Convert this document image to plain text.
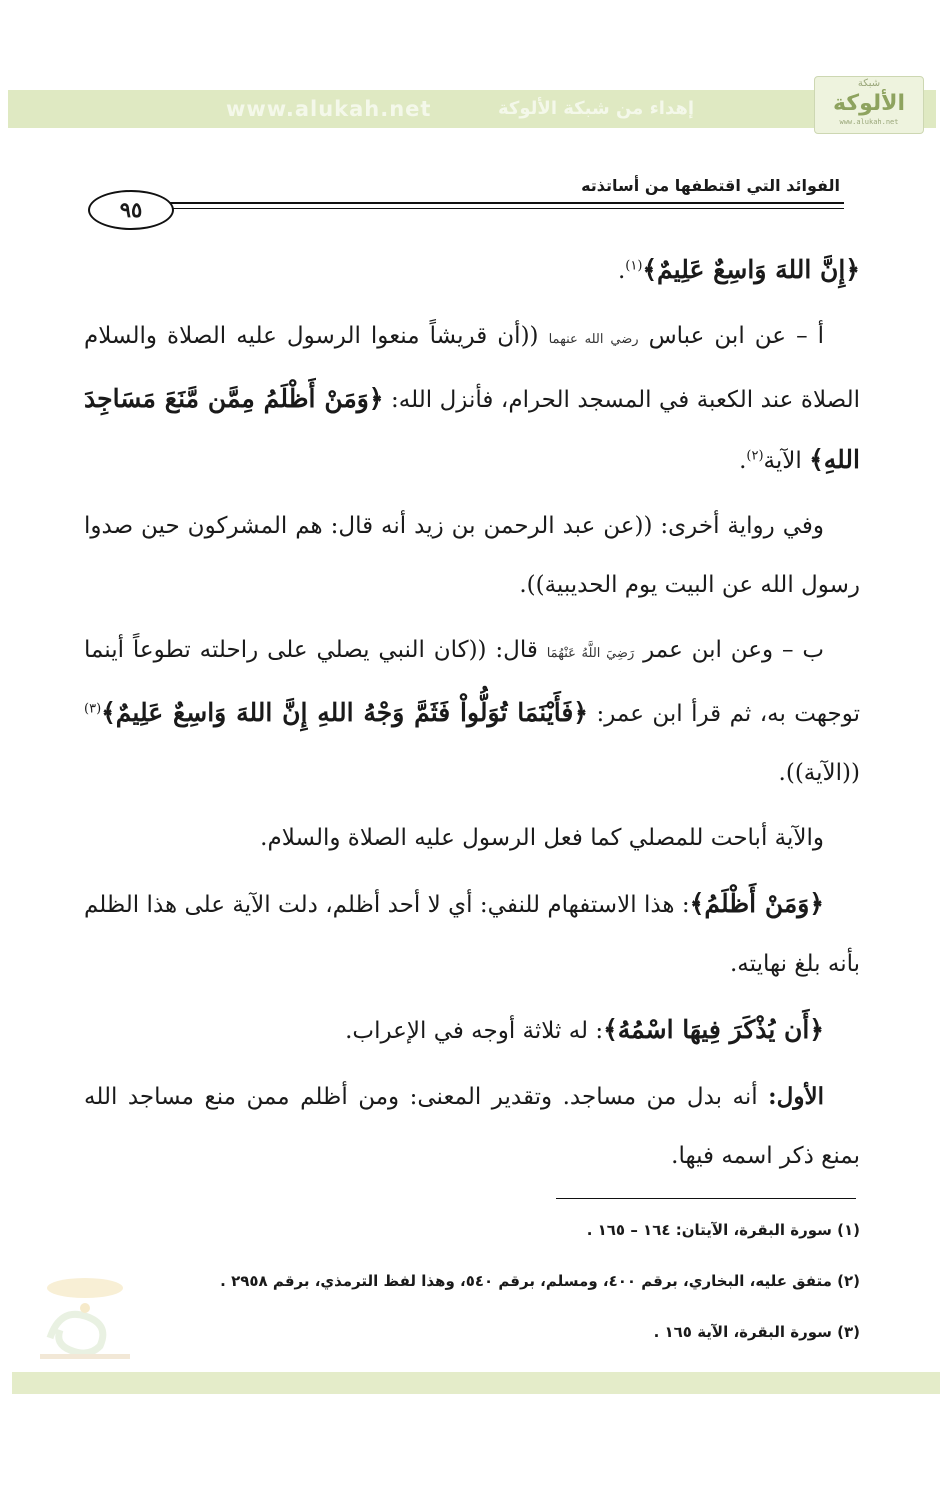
www.alukah.net	إهداء من شبكة الألوكة
شبكة
الألوكة
www.alukah.net
الفوائد التي اقتطفها من أساتذته
٩٥

﴿إِنَّ اللهَ وَاسِعٌ عَلِيمٌ﴾$^{(١)}$.

أ – عن ابن عباس رضي الله عنهما ((أن قريشاً منعوا الرسول عليه الصلاة والسلام الصلاة عند الكعبة في المسجد الحرام، فأنزل الله: ﴿وَمَنْ أَظْلَمُ مِمَّن مَّنَعَ مَسَاجِدَ اللهِ﴾ الآية$^{(٢)}$.

وفي رواية أخرى: ((عن عبد الرحمن بن زيد أنه قال: هم المشركون حين صدوا رسول الله عن البيت يوم الحديبية)).

ب – وعن ابن عمر رَضِيَ اللَّهُ عَنْهُمَا قال: ((كان النبي يصلي على راحلته تطوعاً أينما توجهت به، ثم قرأ ابن عمر: ﴿فَأَيْنَمَا تُوَلُّواْ فَثَمَّ وَجْهُ اللهِ إِنَّ اللهَ وَاسِعٌ عَلِيمٌ﴾$^{(٣)}$ ((الآية)).

والآية أباحت للمصلي كما فعل الرسول عليه الصلاة والسلام.

﴿وَمَنْ أَظْلَمُ﴾: هذا الاستفهام للنفي: أي لا أحد أظلم، دلت الآية على هذا الظلم بأنه بلغ نهايته.

﴿أَن يُذْكَرَ فِيهَا اسْمُهُ﴾: له ثلاثة أوجه في الإعراب.

الأول: أنه بدل من مساجد. وتقدير المعنى: ومن أظلم ممن منع مساجد الله بمنع ذكر اسمه فيها.

(١) سورة البقرة، الآيتان: ١٦٤ – ١٦٥ .
(٢) متفق عليه، البخاري، برقم ٤٠٠، ومسلم، برقم ٥٤٠، وهذا لفظ الترمذي، برقم ٢٩٥٨ .
(٣) سورة البقرة، الآية ١٦٥ .
